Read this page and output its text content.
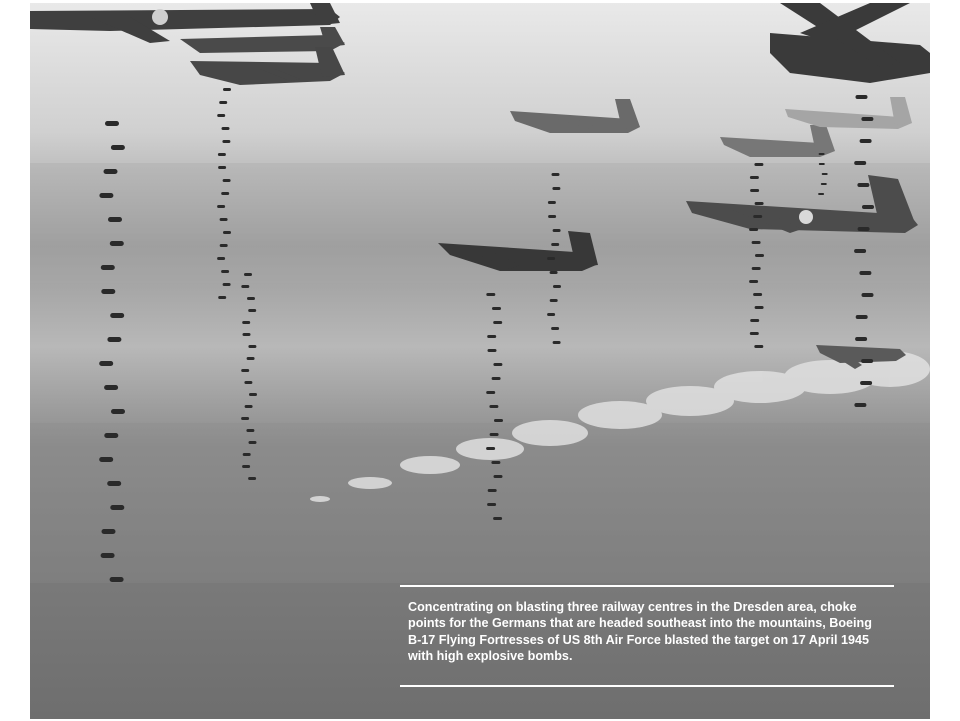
Concentrating on blasting three railway centres in the Dresden area, choke points for the Germans that are headed southeast into the mountains, Boeing B-17 Flying Fortresses of US 8th Air Force blasted the target on 17 April 1945 with high explosive bombs.
